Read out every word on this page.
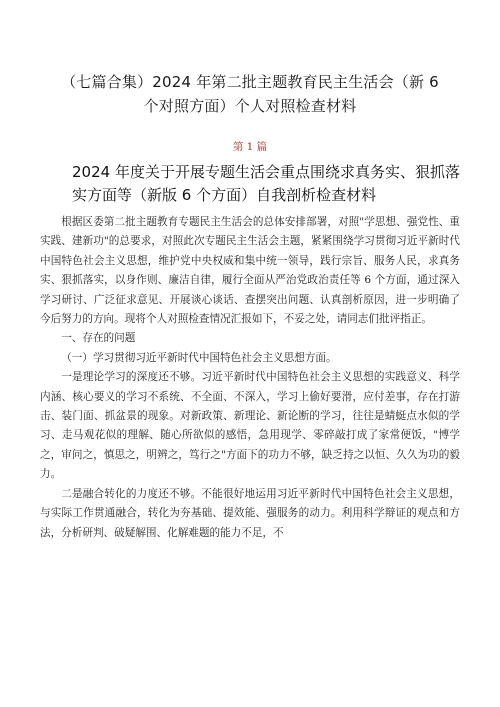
（七篇合集）2024 年第二批主题教育民主生活会（新 6
个对照方面）个人对照检查材料
第 1 篇
2024 年度关于开展专题生活会重点围绕求真务实、狠抓落
实方面等（新版 6 个方面）自我剖析检查材料

根据区委第二批主题教育专题民主生活会的总体安排部署，对照"学思想、强党性、重实践、建新功"的总要求，对照此次专题民主生活会主题，紧紧围绕学习贯彻习近平新时代中国特色社会主义思想，维护党中央权威和集中统一领导，践行宗旨、服务人民，求真务实、狠抓落实，以身作则、廉洁自律，履行全面从严治党政治责任等 6 个方面，通过深入学习研讨、广泛征求意见、开展谈心谈话、查摆突出问题、认真剖析原因，进一步明确了今后努力的方向。现将个人对照检查情况汇报如下，不妥之处，请同志们批评指正。

一、存在的问题

（一）学习贯彻习近平新时代中国特色社会主义思想方面。

一是理论学习的深度还不够。习近平新时代中国特色社会主义思想的实践意义、科学内涵、核心要义的学习不系统、不全面、不深入，学习上偷好要滑，应付差事，存在打游击、装门面、抓盆景的现象。对新政策、新理论、新论断的学习，往往是蜻蜓点水似的学习、走马观花似的理解、随心所欲似的感悟，急用现学、零碎敲打成了家常便饭，"博学之，审问之，慎思之，明辨之，笃行之"方面下的功力不够，缺乏持之以恒、久久为功的毅力。

二是融合转化的力度还不够。不能很好地运用习近平新时代中国特色社会主义思想，与实际工作贯通融合，转化为夯基础、提效能、强服务的动力。利用科学辩证的观点和方法，分析研判、破疑解围、化解难题的能力不足，不
